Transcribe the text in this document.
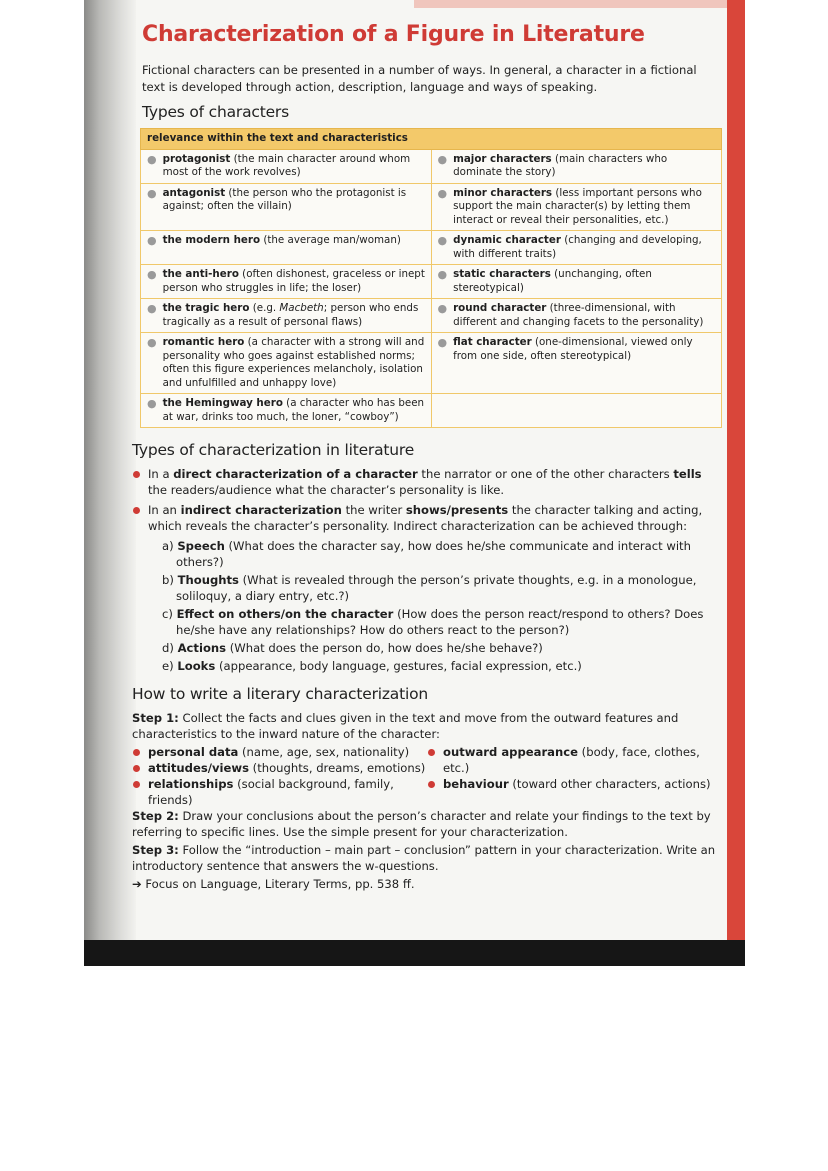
Characterization of a Figure in Literature

Fictional characters can be presented in a number of ways. In general, a character in a fictional text is developed through action, description, language and ways of speaking.

Types of characters
relevance within the text and characteristics	

● protagonist (the main character around whom most of the work revolves)	● major characters (main characters who dominate the story)

● antagonist (the person who the protagonist is against; often the villain)	● minor characters (less important persons who support the main character(s) by letting them interact or reveal their personalities, etc.)

● the modern hero (the average man/woman)	● dynamic character (changing and developing, with different traits)

● the anti-hero (often dishonest, graceless or inept person who struggles in life; the loser)	● static characters (unchanging, often stereotypical)

● the tragic hero (e.g. Macbeth; person who ends tragically as a result of personal flaws)	● round character (three-dimensional, with different and changing facets to the personality)

● romantic hero (a character with a strong will and personality who goes against established norms; often this figure experiences melancholy, isolation and unfulfilled and unhappy love)	● flat character (one-dimensional, viewed only from one side, often stereotypical)

● the Hemingway hero (a character who has been at war, drinks too much, the loner, “cowboy”)	

Types of characterization in literature
In a direct characterization of a character the narrator or one of the other characters tells the readers/audience what the character’s personality is like.
In an indirect characterization the writer shows/presents the character talking and acting, which reveals the character’s personality. Indirect characterization can be achieved through:
a) Speech (What does the character say, how does he/she communicate and interact with others?)
b) Thoughts (What is revealed through the person’s private thoughts, e.g. in a monologue, soliloquy, a diary entry, etc.?)
c) Effect on others/on the character (How does the person react/respond to others? Does he/she have any relationships? How do others react to the person?)
d) Actions (What does the person do, how does he/she behave?)
e) Looks (appearance, body language, gestures, facial expression, etc.)
How to write a literary characterization

Step 1: Collect the facts and clues given in the text and move from the outward features and characteristics to the inward nature of the character:

personal data (name, age, sex, nationality)
attitudes/views (thoughts, dreams, emotions)
relationships (social background, family, friends)
outward appearance (body, face, clothes, etc.)
behaviour (toward other characters, actions)

Step 2: Draw your conclusions about the person’s character and relate your findings to the text by referring to specific lines. Use the simple present for your characterization.

Step 3: Follow the “introduction – main part – conclusion” pattern in your characterization. Write an introductory sentence that answers the w-questions.

➔ Focus on Language, Literary Terms, pp. 538 ff.
